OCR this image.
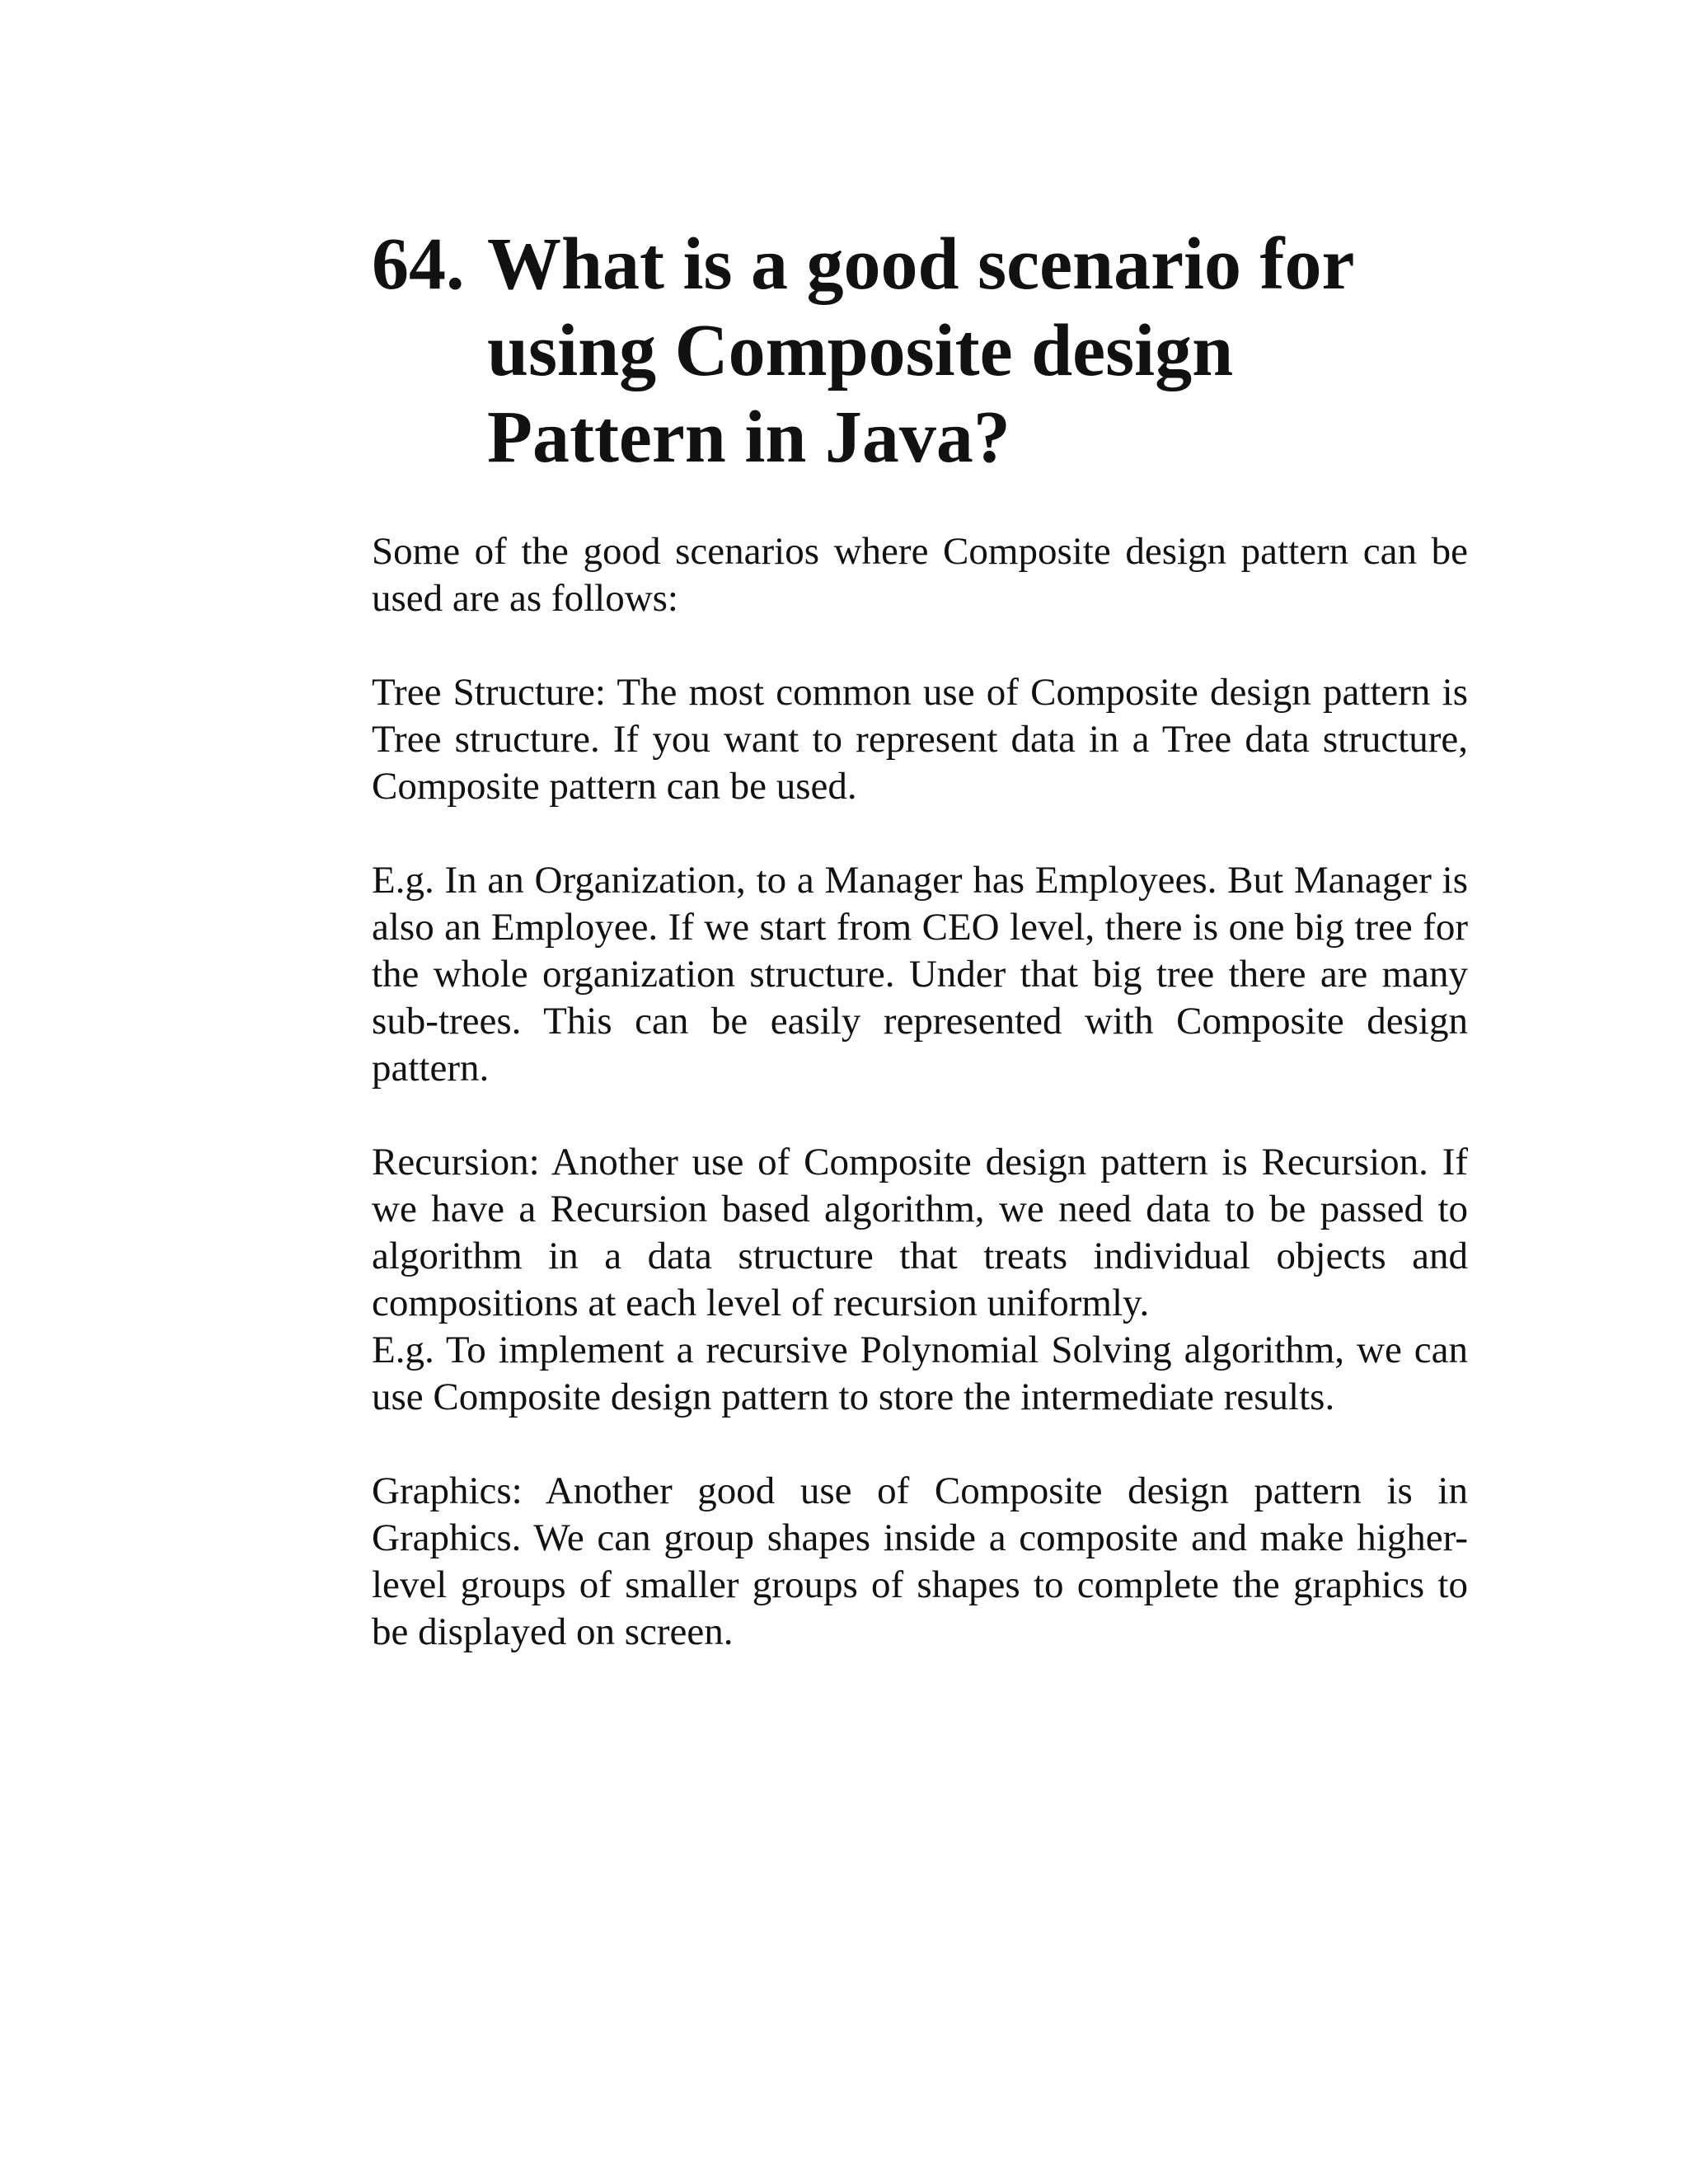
64. What is a good scenario for using Composite design Pattern in Java?

Some of the good scenarios where Composite design pattern can be used are as follows:

Tree Structure: The most common use of Composite design pattern is Tree structure. If you want to represent data in a Tree data structure, Composite pattern can be used.

E.g. In an Organization, to a Manager has Employees. But Manager is also an Employee. If we start from CEO level, there is one big tree for the whole organization structure. Under that big tree there are many sub-trees. This can be easily represented with Composite design pattern.

Recursion: Another use of Composite design pattern is Recursion. If we have a Recursion based algorithm, we need data to be passed to algorithm in a data structure that treats individual objects and compositions at each level of recursion uniformly.

E.g. To implement a recursive Polynomial Solving algorithm, we can use Composite design pattern to store the intermediate results.

Graphics: Another good use of Composite design pattern is in Graphics. We can group shapes inside a composite and make higher-level groups of smaller groups of shapes to complete the graphics to be displayed on screen.
